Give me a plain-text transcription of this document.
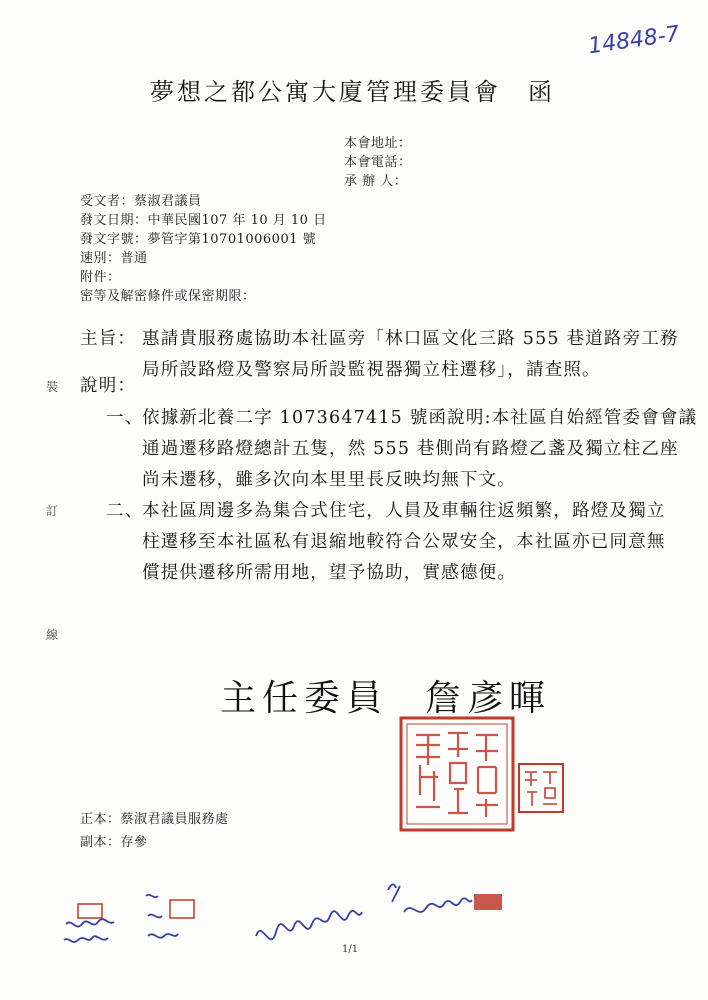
14848-7
夢想之都公寓大廈管理委員會　函
本會地址：
本會電話：
承 辦 人：
受文者：蔡淑君議員
發文日期：中華民國107 年 10 月 10 日
發文字號：夢管字第10701006001 號
速別：普通
附件：
密等及解密條件或保密期限：
主旨： 惠請貴服務處協助本社區旁「林口區文化三路 555 巷道路旁工務
局所設路燈及警察局所設監視器獨立柱遷移」，請查照。
說明：
一、
依據新北養二字 1073647415 號函說明:本社區自始經管委會會議
通過遷移路燈總計五隻，然 555 巷側尚有路燈乙盞及獨立柱乙座
尚未遷移，雖多次向本里里長反映均無下文。
二、
本社區周邊多為集合式住宅，人員及車輛往返頻繁，路燈及獨立
柱遷移至本社區私有退縮地較符合公眾安全，本社區亦已同意無
償提供遷移所需用地，望予協助，實感德便。
裝
訂
線
主任委員 詹彥暉
正本：蔡淑君議員服務處
副本：存參
1/1
